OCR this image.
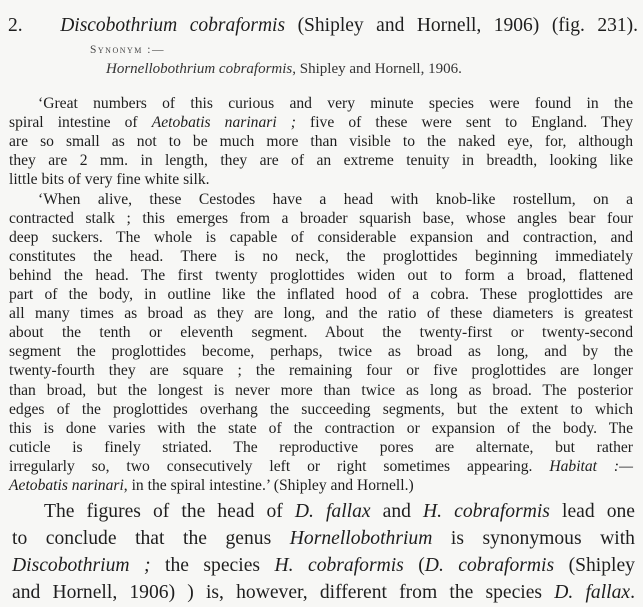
2. Discobothrium cobraformis (Shipley and Hornell, 1906) (fig. 231).
Synonym :—
Hornellobothrium cobraformis, Shipley and Hornell, 1906.
‘Great numbers of this curious and very minute species were found in the
spiral intestine of Aetobatis narinari ; five of these were sent to England. They
are so small as not to be much more than visible to the naked eye, for, although
they are 2 mm. in length, they are of an extreme tenuity in breadth, looking like
little bits of very fine white silk.
‘When alive, these Cestodes have a head with knob-like rostellum, on a
contracted stalk ; this emerges from a broader squarish base, whose angles bear four
deep suckers. The whole is capable of considerable expansion and contraction, and
constitutes the head. There is no neck, the proglottides beginning immediately
behind the head. The first twenty proglottides widen out to form a broad, flattened
part of the body, in outline like the inflated hood of a cobra. These proglottides are
all many times as broad as they are long, and the ratio of these diameters is greatest
about the tenth or eleventh segment. About the twenty-first or twenty-second
segment the proglottides become, perhaps, twice as broad as long, and by the
twenty-fourth they are square ; the remaining four or five proglottides are longer
than broad, but the longest is never more than twice as long as broad. The posterior
edges of the proglottides overhang the succeeding segments, but the extent to which
this is done varies with the state of the contraction or expansion of the body. The
cuticle is finely striated. The reproductive pores are alternate, but rather
irregularly so, two consecutively left or right sometimes appearing. Habitat :—
Aetobatis narinari, in the spiral intestine.’ (Shipley and Hornell.)
The figures of the head of D. fallax and H. cobraformis lead one
to conclude that the genus Hornellobothrium is synonymous with
Discobothrium ; the species H. cobraformis (D. cobraformis (Shipley
and Hornell, 1906) ) is, however, different from the species D. fallax.
